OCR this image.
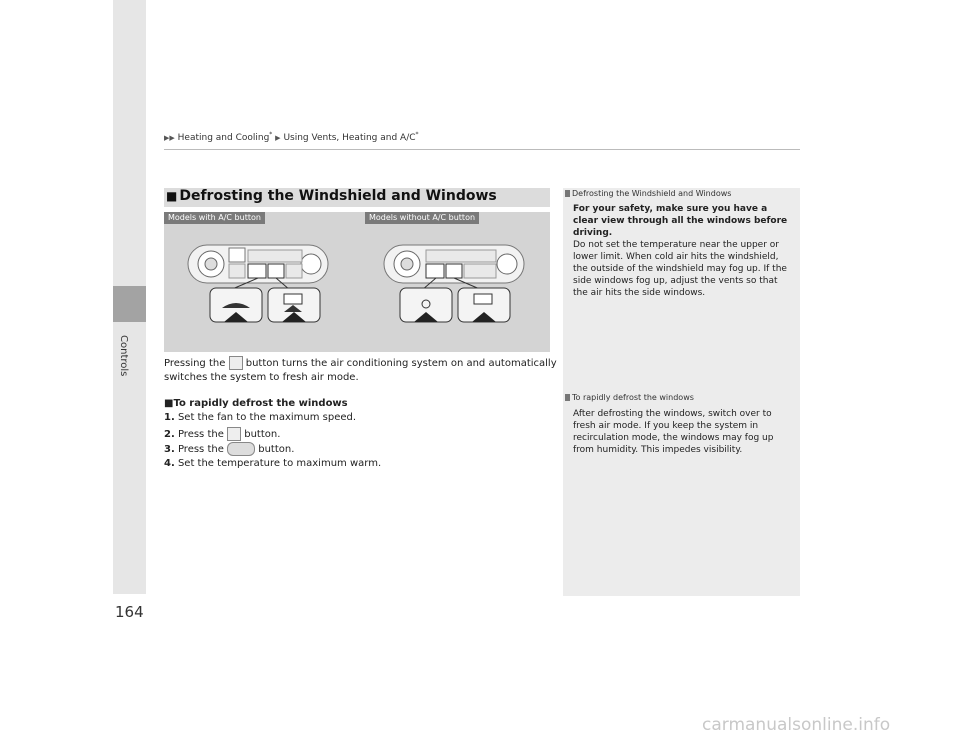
Controls
▶▶ Heating and Cooling* ▶ Using Vents, Heating and A/C*
■ Defrosting the Windshield and Windows
Models with A/C button	Models without A/C button
Pressing the button turns the air conditioning system on and automatically
switches the system to fresh air mode.
■To rapidly defrost the windows
1. Set the fan to the maximum speed.
2. Press the button.
3. Press the	button.
4. Set the temperature to maximum warm.
Defrosting the Windshield and Windows
For your safety, make sure you have a clear view through all the windows before driving.
Do not set the temperature near the upper or lower limit. When cold air hits the windshield, the outside of the windshield may fog up. If the side windows fog up, adjust the vents so that the air hits the side windows.
To rapidly defrost the windows
After defrosting the windows, switch over to fresh air mode. If you keep the system in recirculation mode, the windows may fog up from humidity. This impedes visibility.
164
carmanualsonline.info
